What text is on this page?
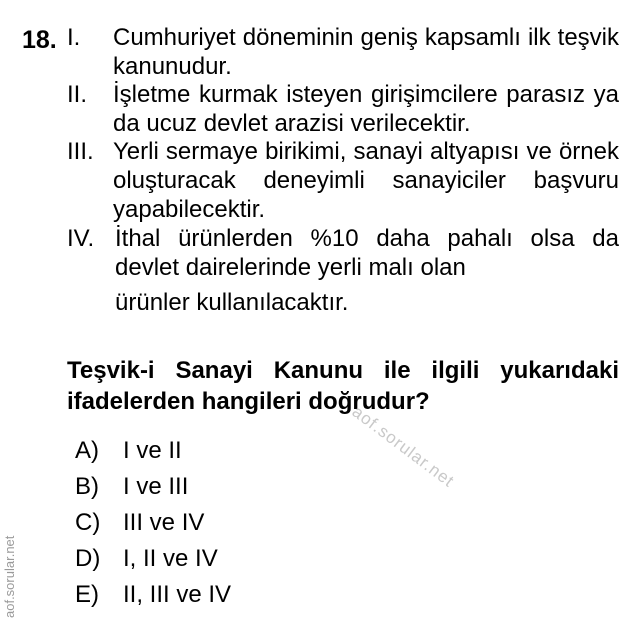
18. I. Cumhuriyet döneminin geniş kapsamlı ilk teşvik kanunudur.
II. İşletme kurmak isteyen girişimcilere parasız ya da ucuz devlet arazisi verilecektir.
III. Yerli sermaye birikimi, sanayi altyapısı ve örnek oluşturacak deneyimli sanayiciler başvuru yapabilecektir.
IV. İthal ürünlerden %10 daha pahalı olsa da devlet dairelerinde yerli malı olan
ürünler kullanılacaktır.
Teşvik-i Sanayi Kanunu ile ilgili yukarıdaki ifadelerden hangileri doğrudur?
A)	I ve II
B)	I ve III
C) III ve IV
D) I, II ve IV
E)	II, III ve IV
aof.sorular.net
aof.sorular.net
